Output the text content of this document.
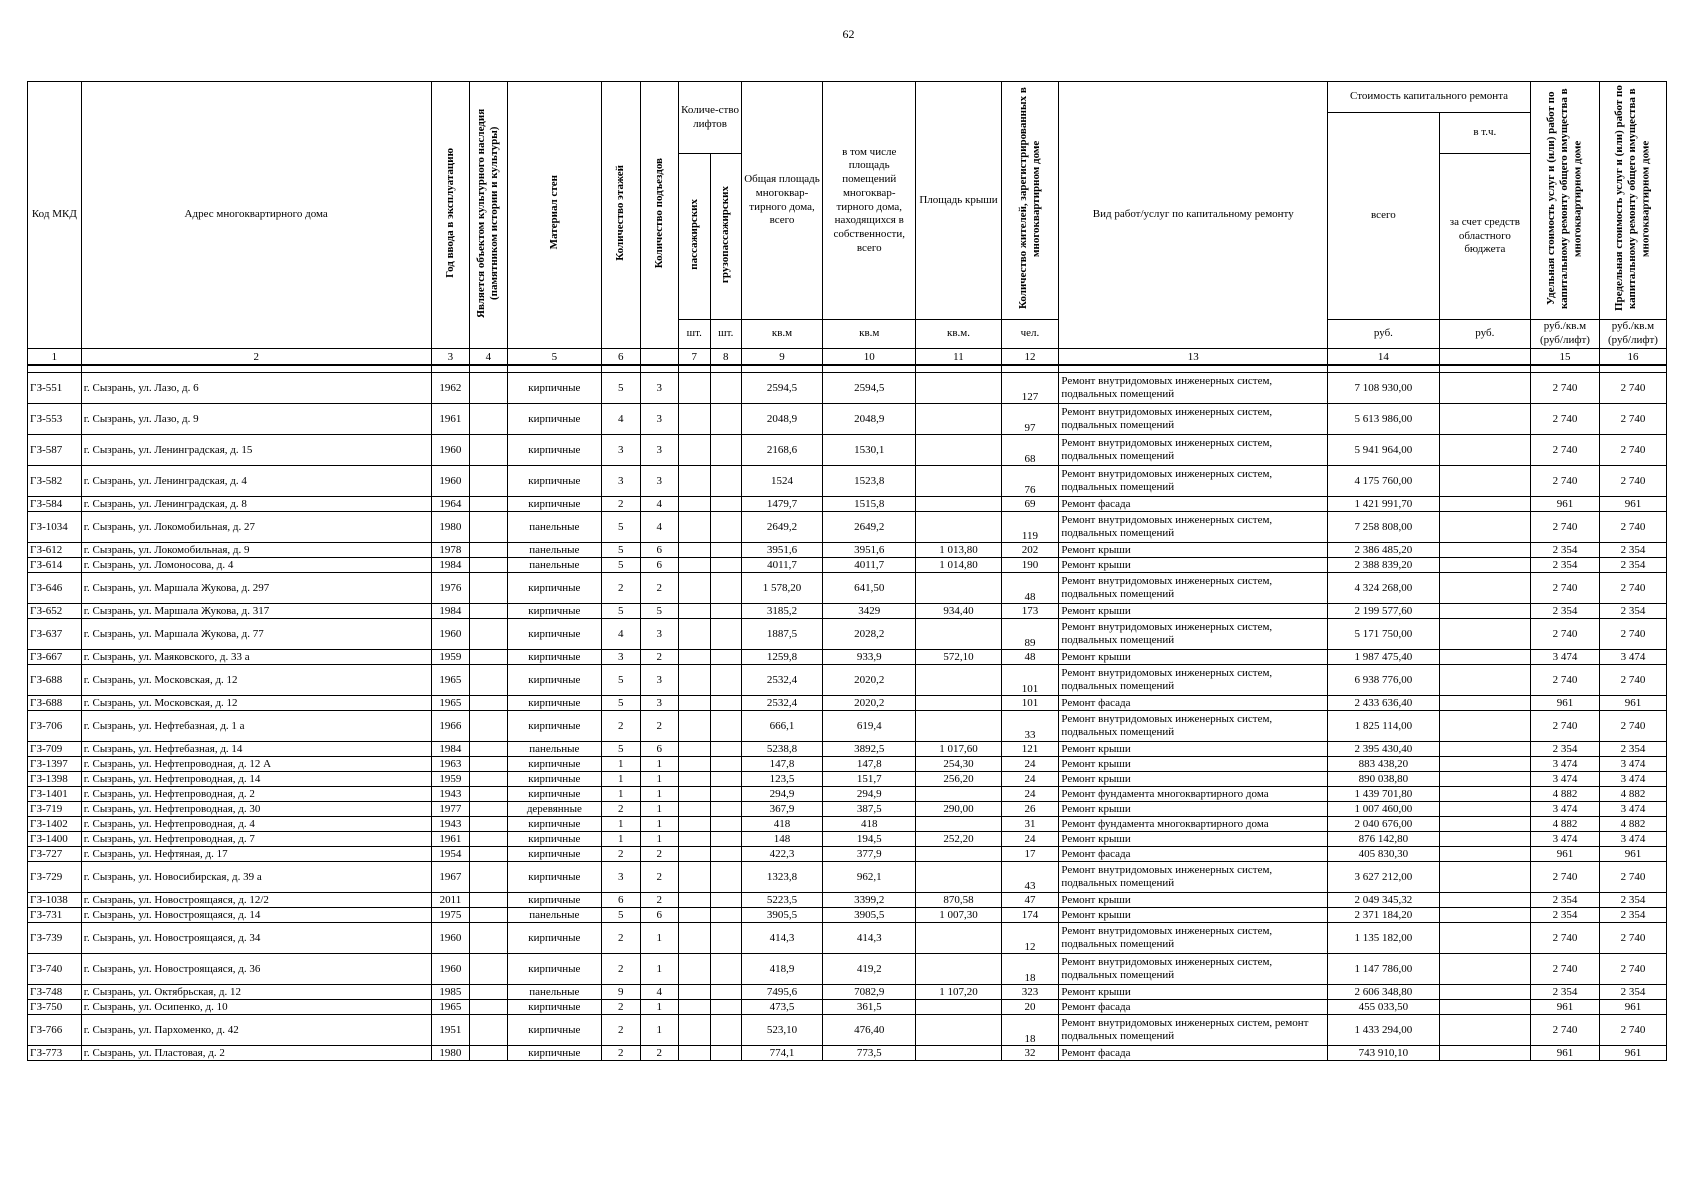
62
Код МКД	Адрес многоквартирного дома	Год ввода в эксплуатацию	Является объектом культурного наследия (памятником истории и культуры)	Материал стен	Количество этажей	Количество подъездов	Количе-ство лифтов		Общая площадь многоквар-тирного дома, всего	в том числе площадь помещений многоквар-тирного дома, находящихся в собственности, всего	Площадь крыши	Количество жителей, зарегистрированных в многоквартирном доме	Вид работ/услуг по капитальному ремонту	Стоимость капитального ремонта		Удельная стоимость услуг и (или) работ по капитальному ремонту общего имущества в многоквартирном доме	Предельная стоимость услуг и (или) работ по капитальному ремонту общего имущества в многоквартирном доме
														всего	в т.ч.		
							пассажирских	грузопассажирских							за счет средств областного бюджета		
							шт.	шт.	кв.м	кв.м	кв.м.	чел.		руб.	руб.	руб./кв.м (руб/лифт)	руб./кв.м (руб/лифт)
1	2	3	4	5	6		7	8	9	10	11	12	13	14		15	16

ГЗ-551	г. Сызрань, ул. Лазо, д. 6	1962		кирпичные	5	3			2594,5	2594,5		127	Ремонт внутридомовых инженерных систем, подвальных помещений	7 108 930,00		2 740	2 740
ГЗ-553	г. Сызрань, ул. Лазо, д. 9	1961		кирпичные	4	3			2048,9	2048,9		97	Ремонт внутридомовых инженерных систем, подвальных помещений	5 613 986,00		2 740	2 740
ГЗ-587	г. Сызрань, ул. Ленинградская, д. 15	1960		кирпичные	3	3			2168,6	1530,1		68	Ремонт внутридомовых инженерных систем, подвальных помещений	5 941 964,00		2 740	2 740
ГЗ-582	г. Сызрань, ул. Ленинградская, д. 4	1960		кирпичные	3	3			1524	1523,8		76	Ремонт внутридомовых инженерных систем, подвальных помещений	4 175 760,00		2 740	2 740
ГЗ-584	г. Сызрань, ул. Ленинградская, д. 8	1964		кирпичные	2	4			1479,7	1515,8		69	Ремонт фасада	1 421 991,70		961	961
ГЗ-1034	г. Сызрань, ул. Локомобильная, д. 27	1980		панельные	5	4			2649,2	2649,2		119	Ремонт внутридомовых инженерных систем, подвальных помещений	7 258 808,00		2 740	2 740
ГЗ-612	г. Сызрань, ул. Локомобильная, д. 9	1978		панельные	5	6			3951,6	3951,6	1 013,80	202	Ремонт крыши	2 386 485,20		2 354	2 354
ГЗ-614	г. Сызрань, ул. Ломоносова, д. 4	1984		панельные	5	6			4011,7	4011,7	1 014,80	190	Ремонт крыши	2 388 839,20		2 354	2 354
ГЗ-646	г. Сызрань, ул. Маршала Жукова, д. 297	1976		кирпичные	2	2			1 578,20	641,50		48	Ремонт внутридомовых инженерных систем, подвальных помещений	4 324 268,00		2 740	2 740
ГЗ-652	г. Сызрань, ул. Маршала Жукова, д. 317	1984		кирпичные	5	5			3185,2	3429	934,40	173	Ремонт крыши	2 199 577,60		2 354	2 354
ГЗ-637	г. Сызрань, ул. Маршала Жукова, д. 77	1960		кирпичные	4	3			1887,5	2028,2		89	Ремонт внутридомовых инженерных систем, подвальных помещений	5 171 750,00		2 740	2 740
ГЗ-667	г. Сызрань, ул. Маяковского, д. 33 а	1959		кирпичные	3	2			1259,8	933,9	572,10	48	Ремонт крыши	1 987 475,40		3 474	3 474
ГЗ-688	г. Сызрань, ул. Московская, д. 12	1965		кирпичные	5	3			2532,4	2020,2		101	Ремонт внутридомовых инженерных систем, подвальных помещений	6 938 776,00		2 740	2 740
ГЗ-688	г. Сызрань, ул. Московская, д. 12	1965		кирпичные	5	3			2532,4	2020,2		101	Ремонт фасада	2 433 636,40		961	961
ГЗ-706	г. Сызрань, ул. Нефтебазная, д. 1 а	1966		кирпичные	2	2			666,1	619,4		33	Ремонт внутридомовых инженерных систем, подвальных помещений	1 825 114,00		2 740	2 740
ГЗ-709	г. Сызрань, ул. Нефтебазная, д. 14	1984		панельные	5	6			5238,8	3892,5	1 017,60	121	Ремонт крыши	2 395 430,40		2 354	2 354
ГЗ-1397	г. Сызрань, ул. Нефтепроводная, д. 12 А	1963		кирпичные	1	1			147,8	147,8	254,30	24	Ремонт крыши	883 438,20		3 474	3 474
ГЗ-1398	г. Сызрань, ул. Нефтепроводная, д. 14	1959		кирпичные	1	1			123,5	151,7	256,20	24	Ремонт крыши	890 038,80		3 474	3 474
ГЗ-1401	г. Сызрань, ул. Нефтепроводная, д. 2	1943		кирпичные	1	1			294,9	294,9		24	Ремонт фундамента многоквартирного дома	1 439 701,80		4 882	4 882
ГЗ-719	г. Сызрань, ул. Нефтепроводная, д. 30	1977		деревянные	2	1			367,9	387,5	290,00	26	Ремонт крыши	1 007 460,00		3 474	3 474
ГЗ-1402	г. Сызрань, ул. Нефтепроводная, д. 4	1943		кирпичные	1	1			418	418		31	Ремонт фундамента многоквартирного дома	2 040 676,00		4 882	4 882
ГЗ-1400	г. Сызрань, ул. Нефтепроводная, д. 7	1961		кирпичные	1	1			148	194,5	252,20	24	Ремонт крыши	876 142,80		3 474	3 474
ГЗ-727	г. Сызрань, ул. Нефтяная, д. 17	1954		кирпичные	2	2			422,3	377,9		17	Ремонт фасада	405 830,30		961	961
ГЗ-729	г. Сызрань, ул. Новосибирская, д. 39 а	1967		кирпичные	3	2			1323,8	962,1		43	Ремонт внутридомовых инженерных систем, подвальных помещений	3 627 212,00		2 740	2 740
ГЗ-1038	г. Сызрань, ул. Новостроящаяся, д. 12/2	2011		кирпичные	6	2			5223,5	3399,2	870,58	47	Ремонт крыши	2 049 345,32		2 354	2 354
ГЗ-731	г. Сызрань, ул. Новостроящаяся, д. 14	1975		панельные	5	6			3905,5	3905,5	1 007,30	174	Ремонт крыши	2 371 184,20		2 354	2 354
ГЗ-739	г. Сызрань, ул. Новостроящаяся, д. 34	1960		кирпичные	2	1			414,3	414,3		12	Ремонт внутридомовых инженерных систем, подвальных помещений	1 135 182,00		2 740	2 740
ГЗ-740	г. Сызрань, ул. Новостроящаяся, д. 36	1960		кирпичные	2	1			418,9	419,2		18	Ремонт внутридомовых инженерных систем, подвальных помещений	1 147 786,00		2 740	2 740
ГЗ-748	г. Сызрань, ул. Октябрьская, д. 12	1985		панельные	9	4			7495,6	7082,9	1 107,20	323	Ремонт крыши	2 606 348,80		2 354	2 354
ГЗ-750	г. Сызрань, ул. Осипенко, д. 10	1965		кирпичные	2	1			473,5	361,5		20	Ремонт фасада	455 033,50		961	961
ГЗ-766	г. Сызрань, ул. Пархоменко, д. 42	1951		кирпичные	2	1			523,10	476,40		18	Ремонт внутридомовых инженерных систем, ремонт подвальных помещений	1 433 294,00		2 740	2 740
ГЗ-773	г. Сызрань, ул. Пластовая, д. 2	1980		кирпичные	2	2			774,1	773,5		32	Ремонт фасада	743 910,10		961	961
